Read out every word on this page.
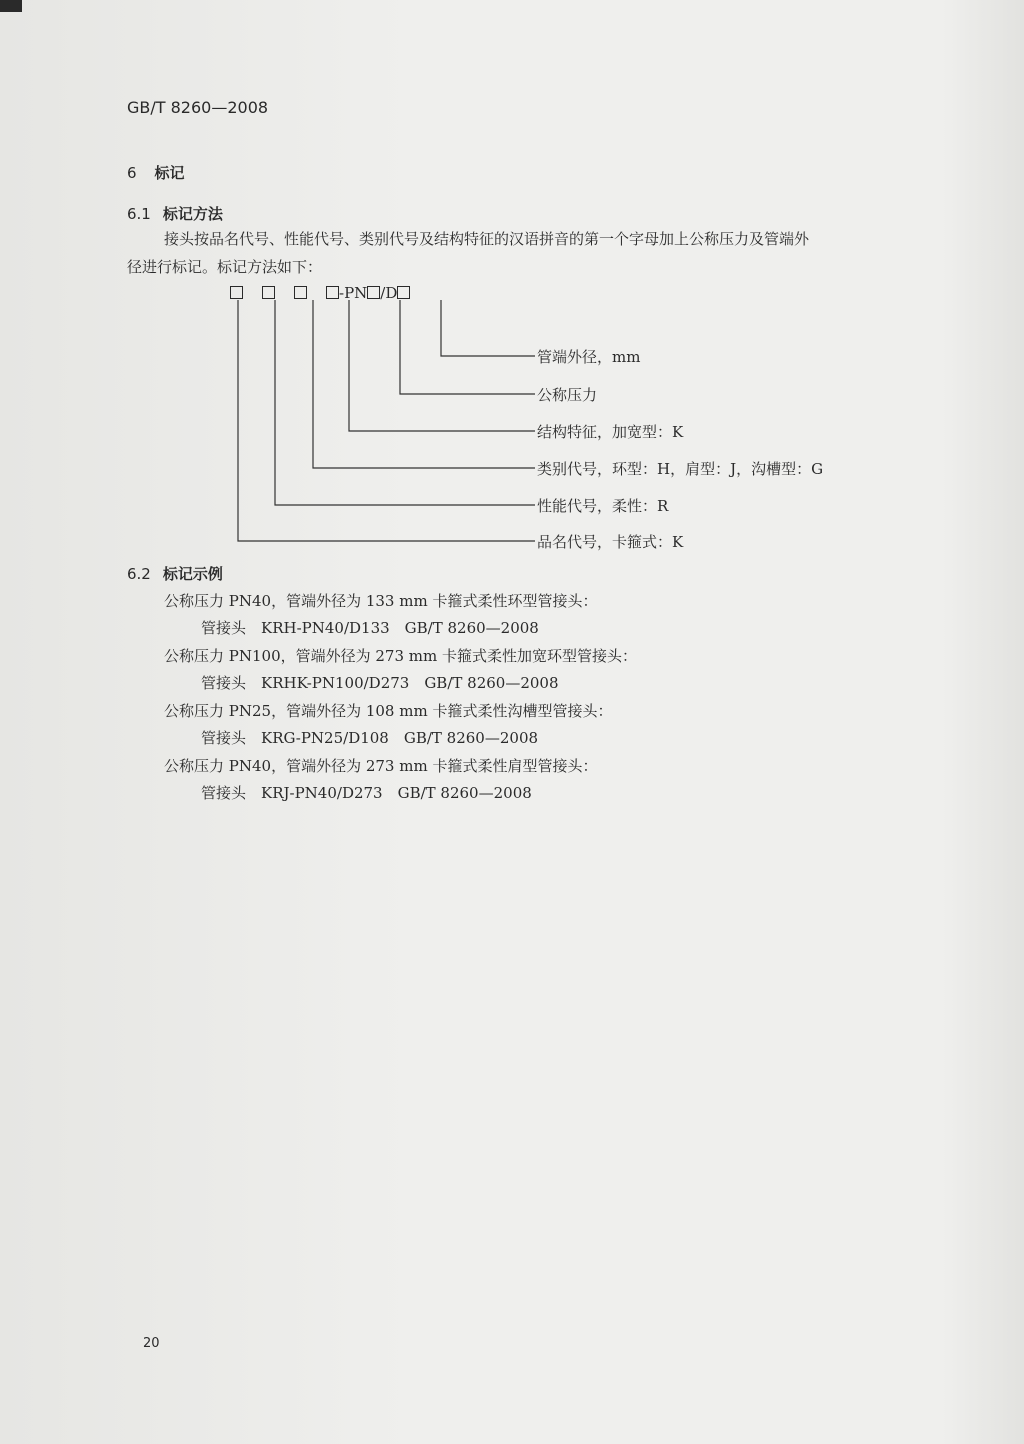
GB/T 8260—2008
6 标记
6.1 标记方法
接头按品名代号、性能代号、类别代号及结构特征的汉语拼音的第一个字母加上公称压力及管端外
径进行标记。标记方法如下：
-PN /D
管端外径，mm
公称压力
结构特征，加宽型：K
类别代号，环型：H，肩型：J，沟槽型：G
性能代号，柔性：R
品名代号，卡箍式：K
6.2 标记示例
公称压力 PN40，管端外径为 133 mm 卡箍式柔性环型管接头：
管接头　KRH-PN40/D133　GB/T 8260—2008
公称压力 PN100，管端外径为 273 mm 卡箍式柔性加宽环型管接头：
管接头　KRHK-PN100/D273　GB/T 8260—2008
公称压力 PN25，管端外径为 108 mm 卡箍式柔性沟槽型管接头：
管接头　KRG-PN25/D108　GB/T 8260—2008
公称压力 PN40，管端外径为 273 mm 卡箍式柔性肩型管接头：
管接头　KRJ-PN40/D273　GB/T 8260—2008
20
